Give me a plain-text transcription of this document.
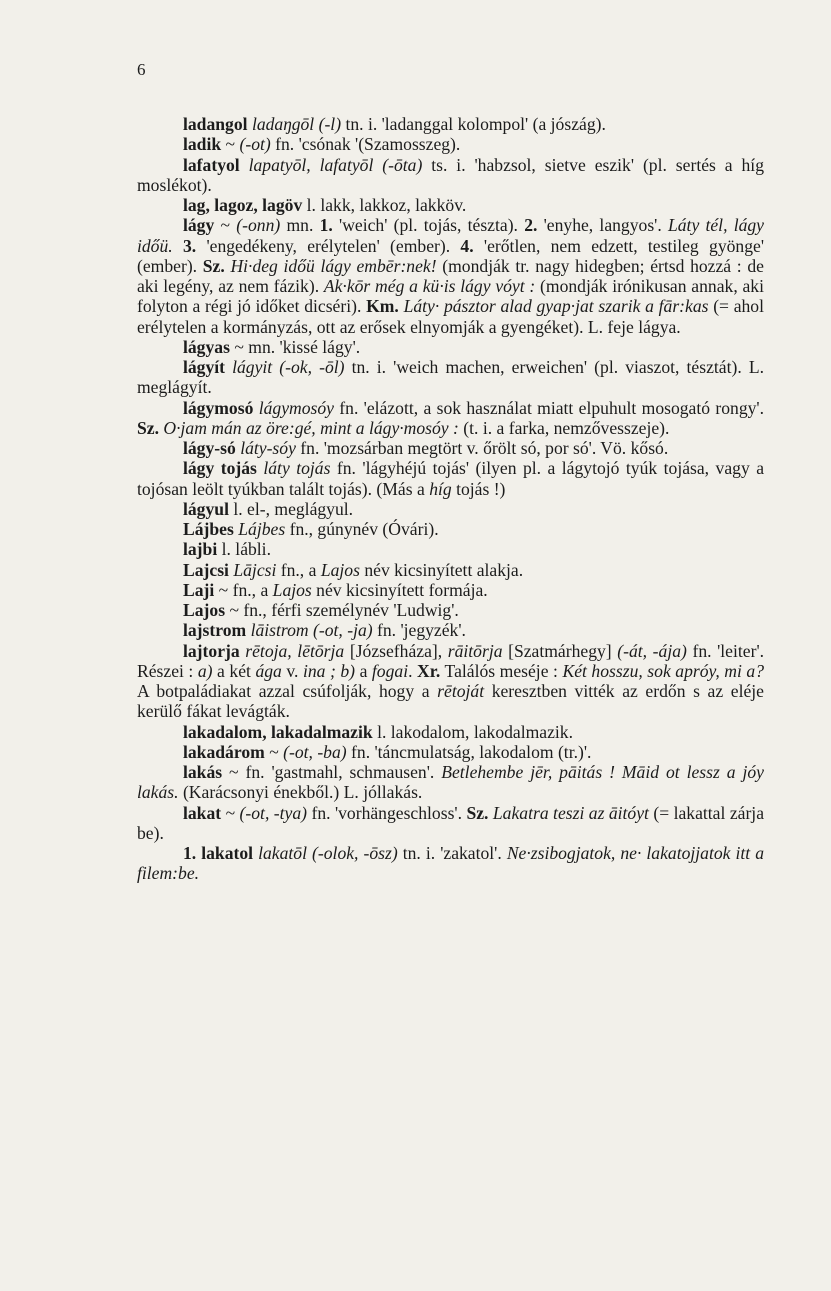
6

ladangol ladaŋgōl (-l) tn. i. 'ladanggal kolompol' (a jószág).

ladik ~ (-ot) fn. 'csónak '(Szamosszeg).

lafatyol lapatyōl, lafatyōl (-ōta) ts. i. 'habzsol, sietve eszik' (pl. sertés a híg moslékot).

lag, lagoz, lagöv l. lakk, lakkoz, lakköv.

lágy ~ (-onn) mn. 1. 'weich' (pl. tojás, tészta). 2. 'enyhe, langyos'. Láty tél, lágy időü. 3. 'engedékeny, erélytelen' (ember). 4. 'erőtlen, nem edzett, testileg gyönge' (ember). Sz. Hi·deg időü lágy embēr:nek! (mondják tr. nagy hidegben; értsd hozzá : de aki legény, az nem fázik). Ak·kōr még a kü·is lágy vóyt : (mondják irónikusan annak, aki folyton a régi jó időket dicséri). Km. Láty· pásztor alad gyap·jat szarik a fār:kas (= ahol erélytelen a kormányzás, ott az erősek elnyomják a gyengéket). L. feje lágya.

lágyas ~ mn. 'kissé lágy'.

lágyít lágyit (-ok, -ōl) tn. i. 'weich machen, erweichen' (pl. viaszot, tésztát). L. meglágyít.

lágymosó lágymosóy fn. 'elázott, a sok használat miatt elpuhult mosogató rongy'. Sz. O·jam mán az öre:gé, mint a lágy·mosóy : (t. i. a farka, nemzővesszeje).

lágy-só láty-sóy fn. 'mozsárban megtört v. őrölt só, por só'. Vö. kősó.

lágy tojás láty tojás fn. 'lágyhéjú tojás' (ilyen pl. a lágytojó tyúk tojása, vagy a tojósan leölt tyúkban talált tojás). (Más a híg tojás !)

lágyul l. el-, meglágyul.

Lájbes Lájbes fn., gúnynév (Óvári).

lajbi l. lábli.

Lajcsi Lājcsi fn., a Lajos név kicsinyített alakja.

Laji ~ fn., a Lajos név kicsinyített formája.

Lajos ~ fn., férfi személynév 'Ludwig'.

lajstrom lāistrom (-ot, -ja) fn. 'jegyzék'.

lajtorja rētoja, lētōrja [Józsefháza], rāitōrja [Szatmárhegy] (-át, -ája) fn. 'leiter'. Részei : a) a két ága v. ina ; b) a fogai. Xr. Találós meséje : Két hosszu, sok apróy, mi a? A botpaládiakat azzal csúfolják, hogy a rētoját keresztben vitték az erdőn s az eléje kerülő fákat levágták.

lakadalom, lakadalmazik l. lakodalom, lakodalmazik.

lakadárom ~ (-ot, -ba) fn. 'táncmulatság, lakodalom (tr.)'.

lakás ~ fn. 'gastmahl, schmausen'. Betlehembe jēr, pāitás ! Māid ot lessz a jóy lakás. (Karácsonyi énekből.) L. jóllakás.

lakat ~ (-ot, -tya) fn. 'vorhängeschloss'. Sz. Lakatra teszi az āitóyt (= lakattal zárja be).

1. lakatol lakatōl (-olok, -ōsz) tn. i. 'zakatol'. Ne·zsibogjatok, ne· lakatojjatok itt a filem:be.
